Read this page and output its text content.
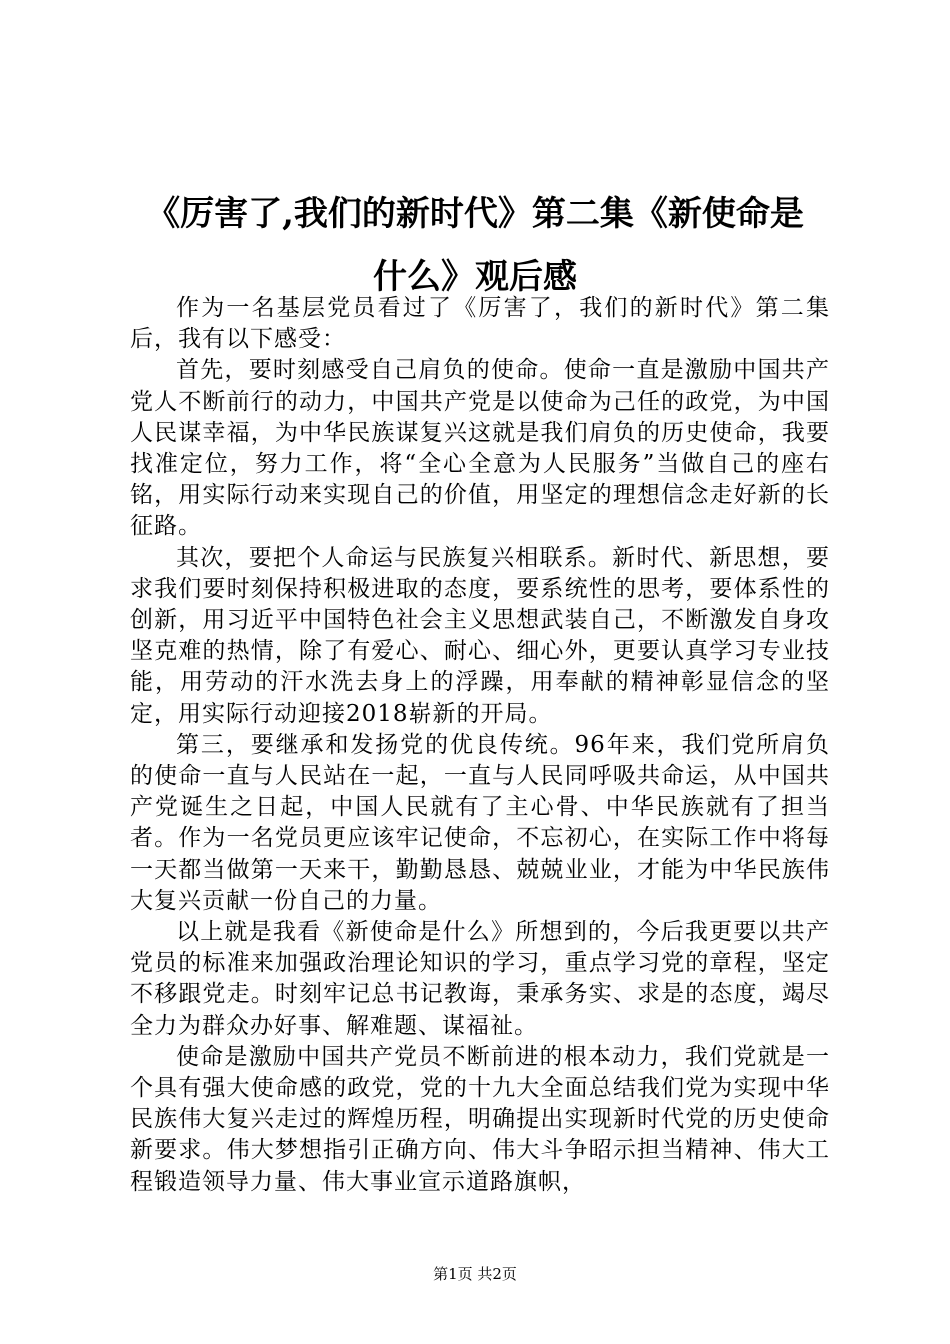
《厉害了,我们的新时代》第二集《新使命是
什么》观后感

作为一名基层党员看过了《厉害了，我们的新时代》第二集后，我有以下感受：

首先，要时刻感受自己肩负的使命。使命一直是激励中国共产党人不断前行的动力，中国共产党是以使命为己任的政党，为中国人民谋幸福，为中华民族谋复兴这就是我们肩负的历史使命，我要找准定位，努力工作，将“全心全意为人民服务”当做自己的座右铭，用实际行动来实现自己的价值，用坚定的理想信念走好新的长征路。

其次，要把个人命运与民族复兴相联系。新时代、新思想，要求我们要时刻保持积极进取的态度，要系统性的思考，要体系性的创新，用习近平中国特色社会主义思想武装自己，不断激发自身攻坚克难的热情，除了有爱心、耐心、细心外，更要认真学习专业技能，用劳动的汗水洗去身上的浮躁，用奉献的精神彰显信念的坚定，用实际行动迎接2018崭新的开局。

第三，要继承和发扬党的优良传统。96年来，我们党所肩负的使命一直与人民站在一起，一直与人民同呼吸共命运，从中国共产党诞生之日起，中国人民就有了主心骨、中华民族就有了担当者。作为一名党员更应该牢记使命，不忘初心，在实际工作中将每一天都当做第一天来干，勤勤恳恳、兢兢业业，才能为中华民族伟大复兴贡献一份自己的力量。

以上就是我看《新使命是什么》所想到的，今后我更要以共产党员的标准来加强政治理论知识的学习，重点学习党的章程，坚定不移跟党走。时刻牢记总书记教诲，秉承务实、求是的态度，竭尽全力为群众办好事、解难题、谋福祉。

使命是激励中国共产党员不断前进的根本动力，我们党就是一个具有强大使命感的政党，党的十九大全面总结我们党为实现中华民族伟大复兴走过的辉煌历程，明确提出实现新时代党的历史使命新要求。伟大梦想指引正确方向、伟大斗争昭示担当精神、伟大工程锻造领导力量、伟大事业宣示道路旗帜，

第1页 共2页
